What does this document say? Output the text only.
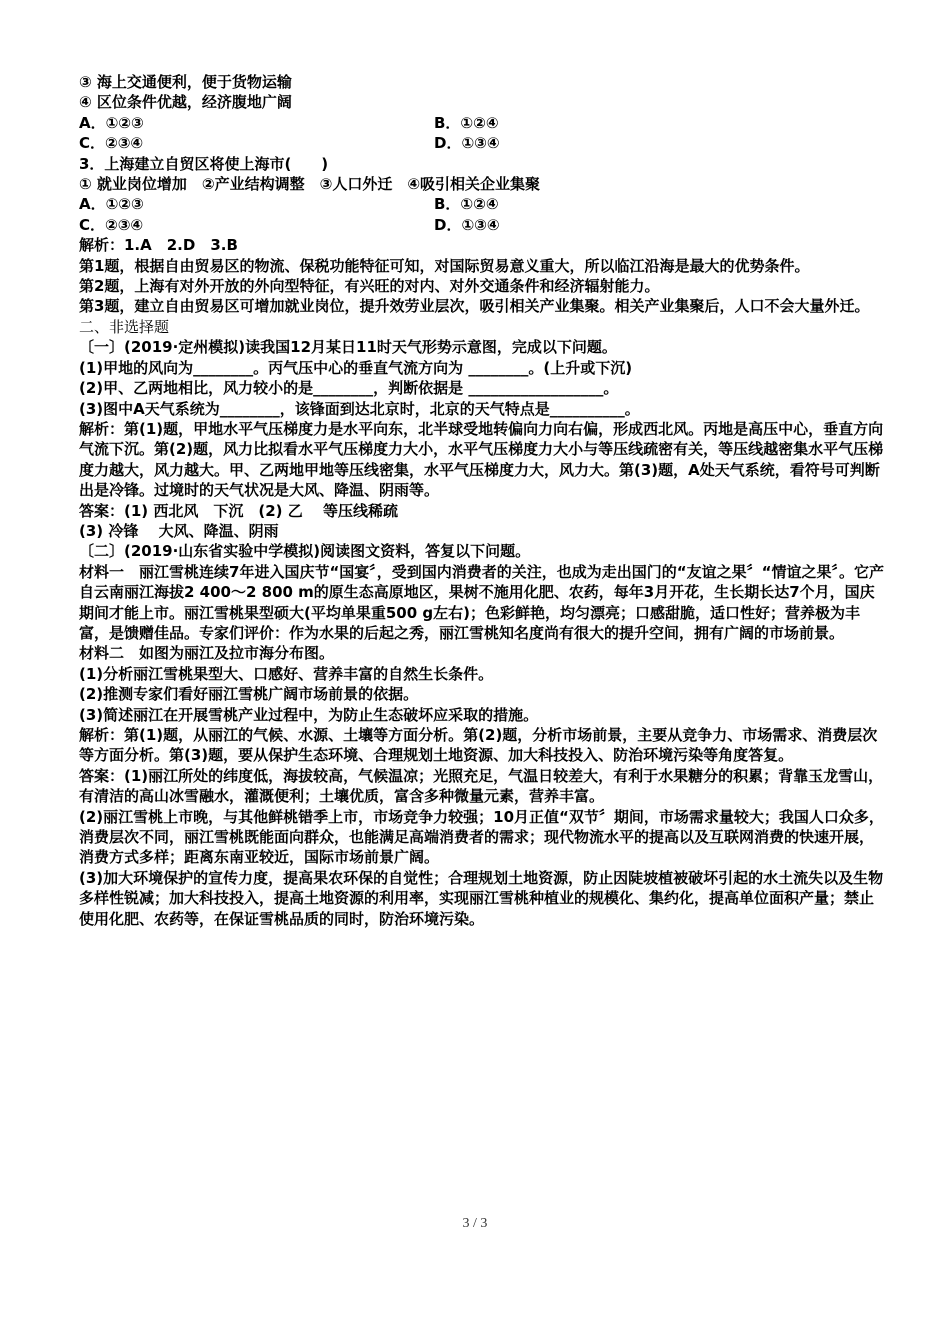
③ 海上交通便利，便于货物运输

④ 区位条件优越，经济腹地广阔

A．①②③	B．①②④
C．②③④	D．①③④

3．上海建立自贸区将使上海市(　　)

① 就业岗位增加　②产业结构调整　③人口外迁　④吸引相关企业集聚

A．①②③	B．①②④
C．②③④	D．①③④

解析：1.A　2.D　3.B

第1题，根据自由贸易区的物流、保税功能特征可知，对国际贸易意义重大，所以临江沿海是最大的优势条件。

第2题，上海有对外开放的外向型特征，有兴旺的对内、对外交通条件和经济辐射能力。

第3题，建立自由贸易区可增加就业岗位，提升效劳业层次，吸引相关产业集聚。相关产业集聚后，人口不会大量外迁。

二、非选择题

〔一〕(2019·定州模拟)读我国12月某日11时天气形势示意图，完成以下问题。

(1)甲地的风向为________。丙气压中心的垂直气流方向为 ________。(上升或下沉)

(2)甲、乙两地相比，风力较小的是________，判断依据是 __________________。

(3)图中A天气系统为________，该锋面到达北京时，北京的天气特点是__________。

解析：第(1)题，甲地水平气压梯度力是水平向东，北半球受地转偏向力向右偏，形成西北风。丙地是高压中心，垂直方向气流下沉。第(2)题，风力比拟看水平气压梯度力大小，水平气压梯度力大小与等压线疏密有关，等压线越密集水平气压梯度力越大，风力越大。甲、乙两地甲地等压线密集，水平气压梯度力大，风力大。第(3)题，A处天气系统，看符号可判断出是冷锋。过境时的天气状况是大风、降温、阴雨等。

答案：(1) 西北风　下沉　(2) 乙　 等压线稀疏

(3) 冷锋　 大风、降温、阴雨

〔二〕(2019·山东省实验中学模拟)阅读图文资料，答复以下问题。

材料一　丽江雪桃连续7年进入国庆节“国宴〞，受到国内消费者的关注，也成为走出国门的“友谊之果〞“情谊之果〞。它产自云南丽江海拔2 400～2 800 m的原生态高原地区，果树不施用化肥、农药，每年3月开花，生长期长达7个月，国庆期间才能上市。丽江雪桃果型硕大(平均单果重500 g左右)；色彩鲜艳，均匀漂亮；口感甜脆，适口性好；营养极为丰富，是馈赠佳品。专家们评价：作为水果的后起之秀，丽江雪桃知名度尚有很大的提升空间，拥有广阔的市场前景。

材料二　如图为丽江及拉市海分布图。

(1)分析丽江雪桃果型大、口感好、营养丰富的自然生长条件。

(2)推测专家们看好丽江雪桃广阔市场前景的依据。

(3)简述丽江在开展雪桃产业过程中，为防止生态破坏应采取的措施。

解析：第(1)题，从丽江的气候、水源、土壤等方面分析。第(2)题，分析市场前景，主要从竞争力、市场需求、消费层次等方面分析。第(3)题，要从保护生态环境、合理规划土地资源、加大科技投入、防治环境污染等角度答复。

答案：(1)丽江所处的纬度低，海拔较高，气候温凉；光照充足，气温日较差大，有利于水果糖分的积累；背靠玉龙雪山，有清洁的高山冰雪融水，灌溉便利；土壤优质，富含多种微量元素，营养丰富。

(2)丽江雪桃上市晚，与其他鲜桃错季上市，市场竞争力较强；10月正值“双节〞期间，市场需求量较大；我国人口众多，消费层次不同，丽江雪桃既能面向群众，也能满足高端消费者的需求；现代物流水平的提高以及互联网消费的快速开展，消费方式多样；距离东南亚较近，国际市场前景广阔。

(3)加大环境保护的宣传力度，提高果农环保的自觉性；合理规划土地资源，防止因陡坡植被破坏引起的水土流失以及生物多样性锐减；加大科技投入，提高土地资源的利用率，实现丽江雪桃种植业的规模化、集约化，提高单位面积产量；禁止使用化肥、农药等，在保证雪桃品质的同时，防治环境污染。

3 / 3
